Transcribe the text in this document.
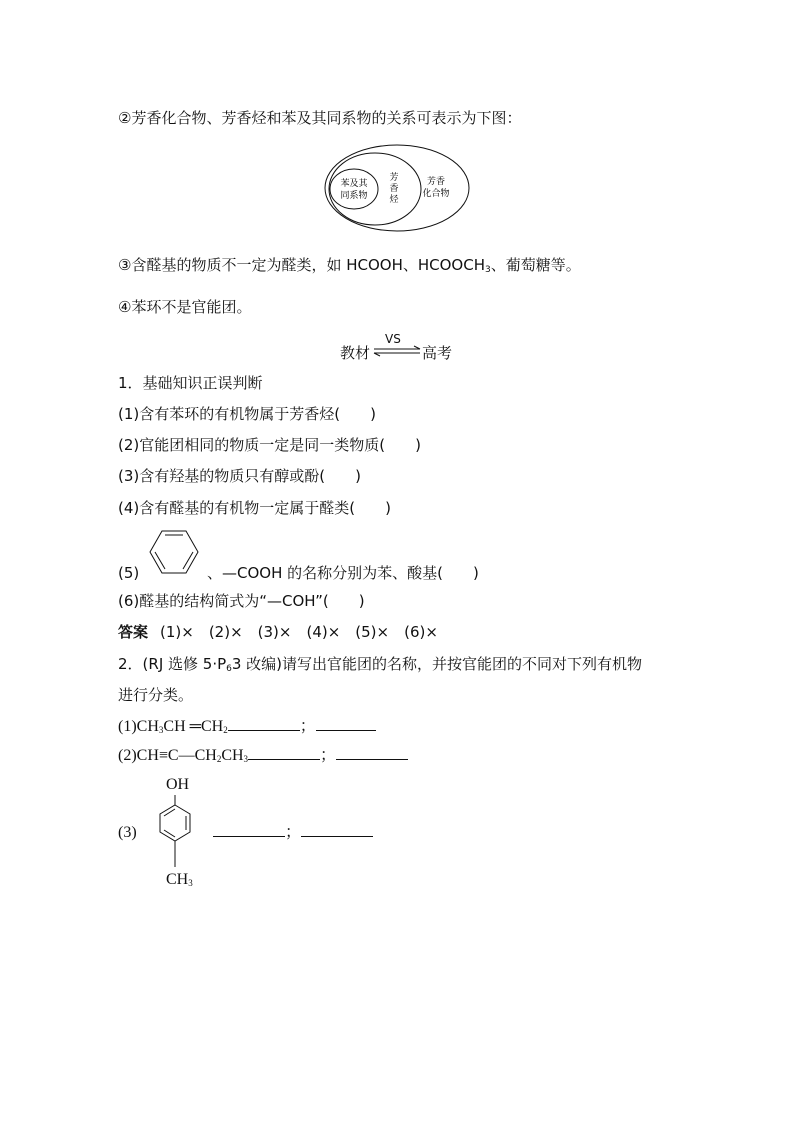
②芳香化合物、芳香烃和苯及其同系物的关系可表示为下图：
苯及其
同系物
芳
香
烃
芳香
化合物
③含醛基的物质不一定为醛类，如 HCOOH、$HCOOCH_3$、葡萄糖等。
④苯环不是官能团。
教材
VS
高考
1．基础知识正误判断
(1)含有苯环的有机物属于芳香烃(　　)
(2)官能团相同的物质一定是同一类物质(　　)
(3)含有羟基的物质只有醇或酚(　　)
(4)含有醛基的有机物一定属于醛类(　　)
(5)	、—COOH 的名称分别为苯、酸基(　　)
(6)醛基的结构简式为“—COH”(　　)
答案 (1)×　(2)×　(3)×　(4)×　(5)×　(6)×
2．(RJ 选修 $5\cdot P_63$ 改编)请写出官能团的名称，并按官能团的不同对下列有机物
进行分类。
$(1)CH_3CH$ $═CH_2$	；
$(2)CH\equiv C—CH_2CH_3$	；
OH
(3)	；
$CH_3$
